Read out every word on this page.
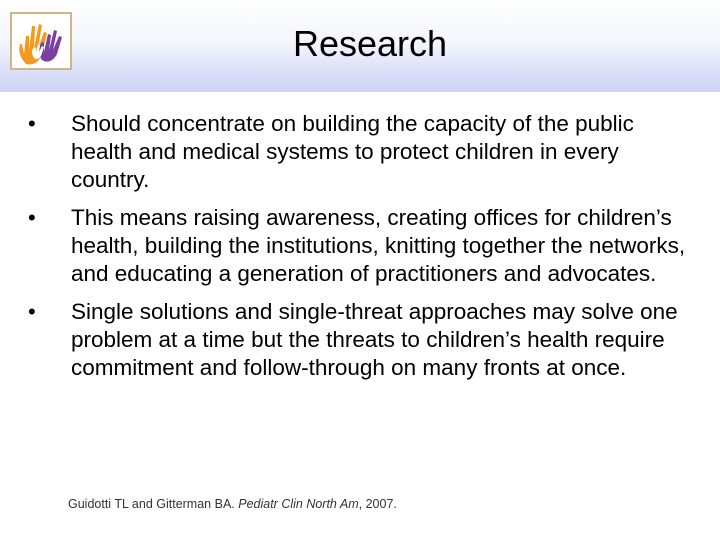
Research
• Should concentrate on building the capacity of the public health and medical systems to protect children in every country.
• This means raising awareness, creating offices for children’s health, building the institutions, knitting together the networks, and educating a generation of practitioners and advocates.
• Single solutions and single-threat approaches may solve one problem at a time but the threats to children’s health require commitment and follow-through on many fronts at once.
Guidotti TL and Gitterman BA. Pediatr Clin North Am, 2007.
